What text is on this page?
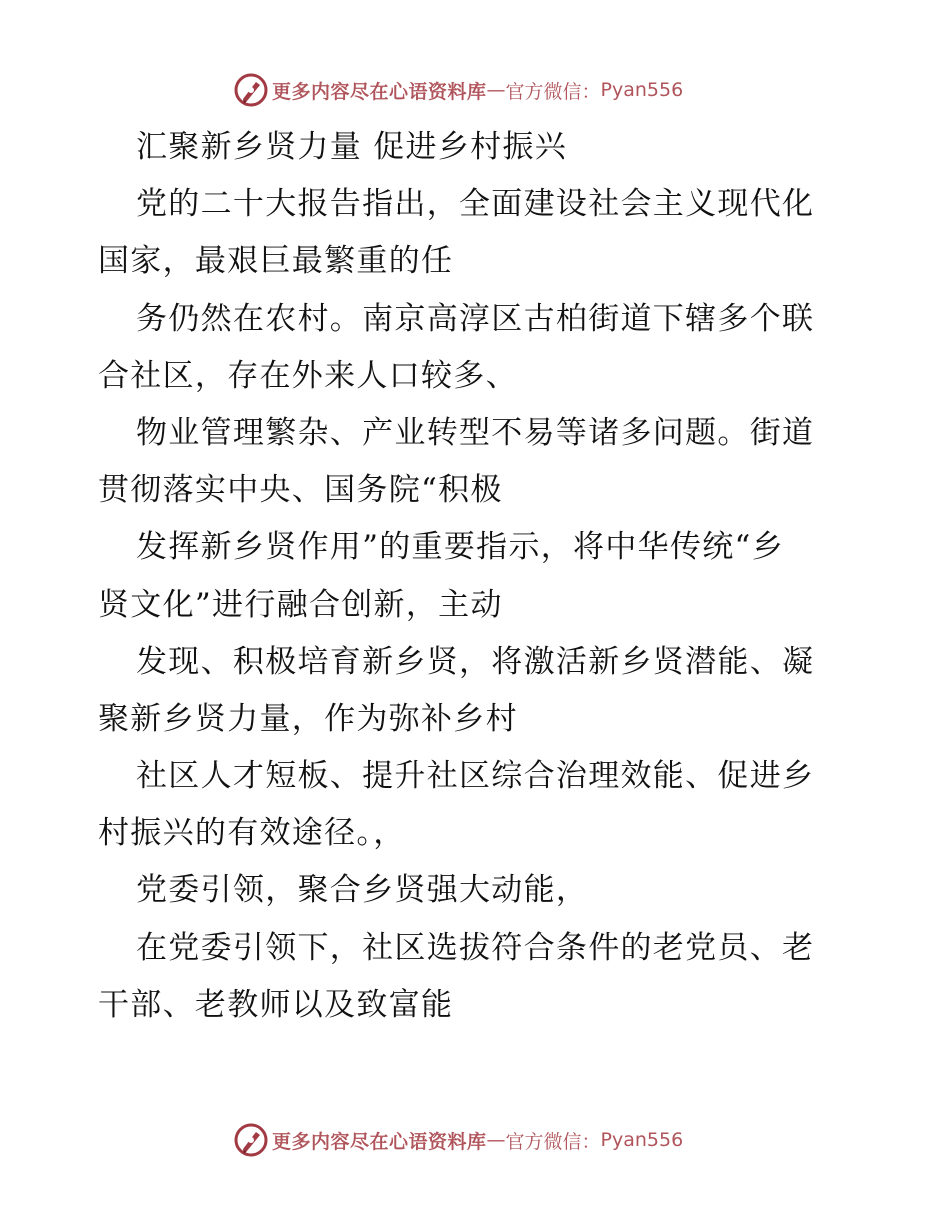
更多内容尽在心语资料库 — 官方微信： Pyan556
汇聚新乡贤力量 促进乡村振兴
党的二十大报告指出，全面建设社会主义现代化
国家，最艰巨最繁重的任
务仍然在农村。南京高淳区古柏街道下辖多个联
合社区，存在外来人口较多、
物业管理繁杂、产业转型不易等诸多问题。街道
贯彻落实中央、国务院“积极
发挥新乡贤作用”的重要指示，将中华传统“乡
贤文化”进行融合创新，主动
发现、积极培育新乡贤，将激活新乡贤潜能、凝
聚新乡贤力量，作为弥补乡村
社区人才短板、提升社区综合治理效能、促进乡
村振兴的有效途径。，
党委引领，聚合乡贤强大动能，
在党委引领下，社区选拔符合条件的老党员、老
干部、老教师以及致富能
更多内容尽在心语资料库 — 官方微信： Pyan556
